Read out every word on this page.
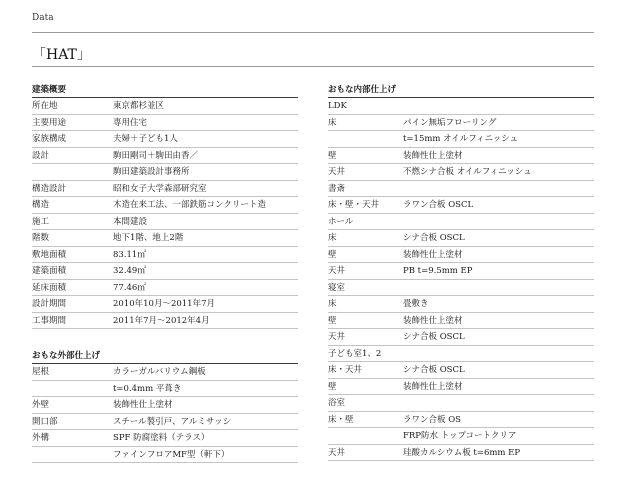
Data
「HAT」
建築概要
所在地	東京都杉並区
主要用途	専用住宅
家族構成	夫婦＋子ども1人
設計	駒田剛司＋駒田由香／
駒田建築設計事務所
構造設計	昭和女子大学森部研究室
構造	木造在来工法、一部鉄筋コンクリート造
施工	本間建設
階数	地下1階、地上2階
敷地面積	83.11㎡
建築面積	32.49㎡
延床面積	77.46㎡
設計期間	2010年10月～2011年7月
工事期間	2011年7月～2012年4月
おもな外部仕上げ
屋根	カラーガルバリウム鋼板
t=0.4mm 平葺き
外壁	装飾性仕上塗材
開口部	スチール製引戸、アルミサッシ
外構	SPF 防腐塗料（テラス）
ファインフロアMF型（軒下）
おもな内部仕上げ
LDK
床	パイン無垢フローリング
t=15mm オイルフィニッシュ
壁	装飾性仕上塗材
天井	不燃シナ合板 オイルフィニッシュ
書斎
床・壁・天井	ラワン合板 OSCL
ホール
床	シナ合板 OSCL
壁	装飾性仕上塗材
天井	PB t=9.5mm EP
寝室
床	畳敷き
壁	装飾性仕上塗材
天井	シナ合板 OSCL
子ども室1、2
床・天井	シナ合板 OSCL
壁	装飾性仕上塗材
浴室
床・壁	ラワン合板 OS
FRP防水 トップコートクリア
天井	珪酸カルシウム板 t=6mm EP
